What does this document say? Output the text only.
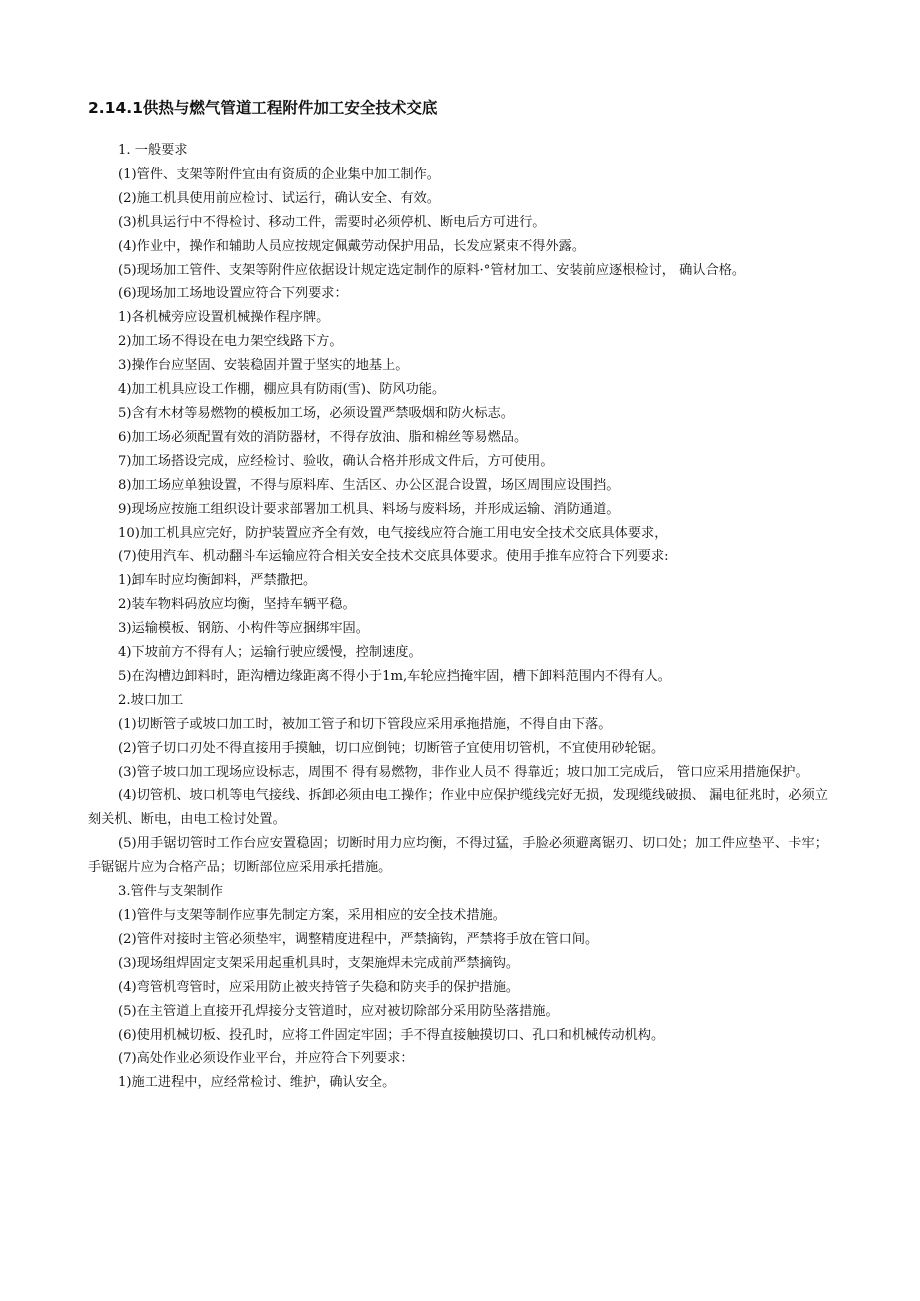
2.14.1供热与燃气管道工程附件加工安全技术交底

1. 一般要求

(1)管件、支架等附件宜由有资质的企业集中加工制作。

(2)施工机具使用前应检讨、试运行，确认安全、有效。

(3)机具运行中不得检讨、移动工件，需要时必须停机、断电后方可进行。

(4)作业中，操作和辅助人员应按规定佩戴劳动保护用品，长发应紧束不得外露。

(5)现场加工管件、支架等附件应依据设计规定选定制作的原料·°管材加工、安装前应逐根检讨， 确认合格。

(6)现场加工场地设置应符合下列要求：

1)各机械旁应设置机械操作程序牌。

2)加工场不得设在电力架空线路下方。

3)操作台应坚固、安装稳固并置于坚实的地基上。

4)加工机具应设工作棚，棚应具有防雨(雪)、防风功能。

5)含有木材等易燃物的模板加工场，必须设置严禁吸烟和防火标志。

6)加工场必须配置有效的消防器材，不得存放油、脂和棉丝等易燃品。

7)加工场搭设完成，应经检讨、验收，确认合格并形成文件后，方可使用。

8)加工场应单独设置，不得与原料库、生活区、办公区混合设置，场区周围应设围挡。

9)现场应按施工组织设计要求部署加工机具、料场与废料场，并形成运输、消防通道。

10)加工机具应完好，防护装置应齐全有效，电气接线应符合施工用电安全技术交底具体要求，

(7)使用汽车、机动翻斗车运输应符合相关安全技术交底具体要求。使用手推车应符合下列要求:

1)卸车时应均衡卸料，严禁撒把。

2)装车物料码放应均衡，坚持车辆平稳。

3)运输模板、钢筋、小构件等应捆绑牢固。

4)下坡前方不得有人；运输行驶应缓慢，控制速度。

5)在沟槽边卸料时，距沟槽边缘距离不得小于1m,车轮应挡掩牢固，槽下卸料范围内不得有人。

2.坡口加工

(1)切断管子或坡口加工时，被加工管子和切下管段应采用承拖措施，不得自由下落。

(2)管子切口刃处不得直接用手摸触，切口应倒钝；切断管子宜使用切管机，不宜使用砂轮锯。

(3)管子坡口加工现场应设标志，周围不 得有易燃物，非作业人员不 得靠近；坡口加工完成后， 管口应采用措施保护。

(4)切管机、坡口机等电气接线、拆卸必须由电工操作；作业中应保护缆线完好无损，发现缆线破损、 漏电征兆时，必须立刻关机、断电，由电工检讨处置。

(5)用手锯切管时工作台应安置稳固；切断时用力应均衡，不得过猛，手脸必须避离锯刃、切口处；加工件应垫平、卡牢；手锯锯片应为合格产品；切断部位应采用承托措施。

3.管件与支架制作

(1)管件与支架等制作应事先制定方案，采用相应的安全技术措施。

(2)管件对接时主管必须垫牢，调整精度进程中，严禁摘钩，严禁将手放在管口间。

(3)现场组焊固定支架采用起重机具时，支架施焊未完成前严禁摘钩。

(4)弯管机弯管时，应采用防止被夹持管子失稳和防夹手的保护措施。

(5)在主管道上直接开孔焊接分支管道时，应对被切除部分采用防坠落措施。

(6)使用机械切板、投孔时，应将工件固定牢固；手不得直接触摸切口、孔口和机械传动机构。

(7)高处作业必须设作业平台，并应符合下列要求：

1)施工进程中，应经常检讨、维护，确认安全。
